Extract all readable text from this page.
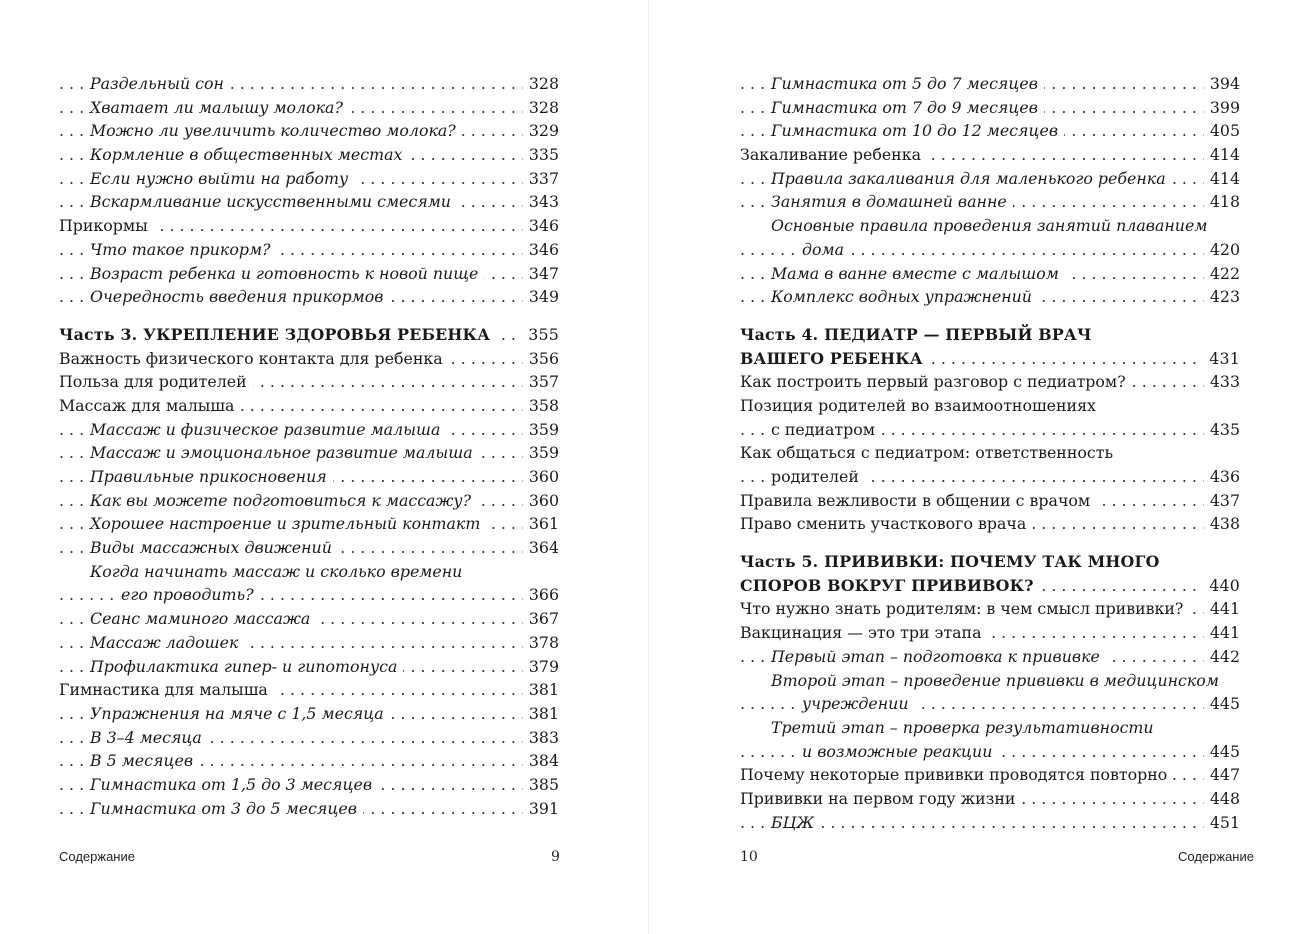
Раздельный сон . . .	328
Хватает ли малышу молока? . . .	328
Можно ли увеличить количество молока? . . .	329
Кормление в общественных местах . . .	335
Если нужно выйти на работу . . .	337
Вскармливание искусственными смесями . . .	343
Прикормы . . .	346
Что такое прикорм? . . .	346
Возраст ребенка и готовность к новой пище . . .	347
Очередность введения прикормов . . .	349
Часть 3. УКРЕПЛЕНИЕ ЗДОРОВЬЯ РЕБЕНКА . . .	355
Важность физического контакта для ребенка . . .	356
Польза для родителей . . .	357
Массаж для малыша . . .	358
Массаж и физическое развитие малыша . . .	359
Массаж и эмоциональное развитие малыша . . .	359
Правильные прикосновения . . .	360
Как вы можете подготовиться к массажу? . . .	360
Хорошее настроение и зрительный контакт . . .	361
Виды массажных движений . . .	364
Когда начинать массаж и сколько времени
его проводить? . . .	366
Сеанс маминого массажа . . .	367
Массаж ладошек . . .	378
Профилактика гипер- и гипотонуса . . .	379
Гимнастика для малыша . . .	381
Упражнения на мяче с 1,5 месяца . . .	381
В 3–4 месяца . . .	383
В 5 месяцев . . .	384
Гимнастика от 1,5 до 3 месяцев . . .	385
Гимнастика от 3 до 5 месяцев . . .	391
Содержание	9
Гимнастика от 5 до 7 месяцев . . .	394
Гимнастика от 7 до 9 месяцев . . .	399
Гимнастика от 10 до 12 месяцев . . .	405
Закаливание ребенка . . .	414
Правила закаливания для маленького ребенка . . .	414
Занятия в домашней ванне . . .	418
Основные правила проведения занятий плаванием
дома . . .	420
Мама в ванне вместе с малышом . . .	422
Комплекс водных упражнений . . .	423
Часть 4. ПЕДИАТР — ПЕРВЫЙ ВРАЧ
ВАШЕГО РЕБЕНКА . . .	431
Как построить первый разговор с педиатром? . . .	433
Позиция родителей во взаимоотношениях
с педиатром . . .	435
Как общаться с педиатром: ответственность
родителей . . .	436
Правила вежливости в общении с врачом . . .	437
Право сменить участкового врача . . .	438
Часть 5. ПРИВИВКИ: ПОЧЕМУ ТАК МНОГО
СПОРОВ ВОКРУГ ПРИВИВОК? . . .	440
Что нужно знать родителям: в чем смысл прививки? . . .	441
Вакцинация — это три этапа . . .	441
Первый этап – подготовка к прививке . . .	442
Второй этап – проведение прививки в медицинском
учреждении . . .	445
Третий этап – проверка результативности
и возможные реакции . . .	445
Почему некоторые прививки проводятся повторно . . .	447
Прививки на первом году жизни . . .	448
БЦЖ . . .	451
10	Содержание
